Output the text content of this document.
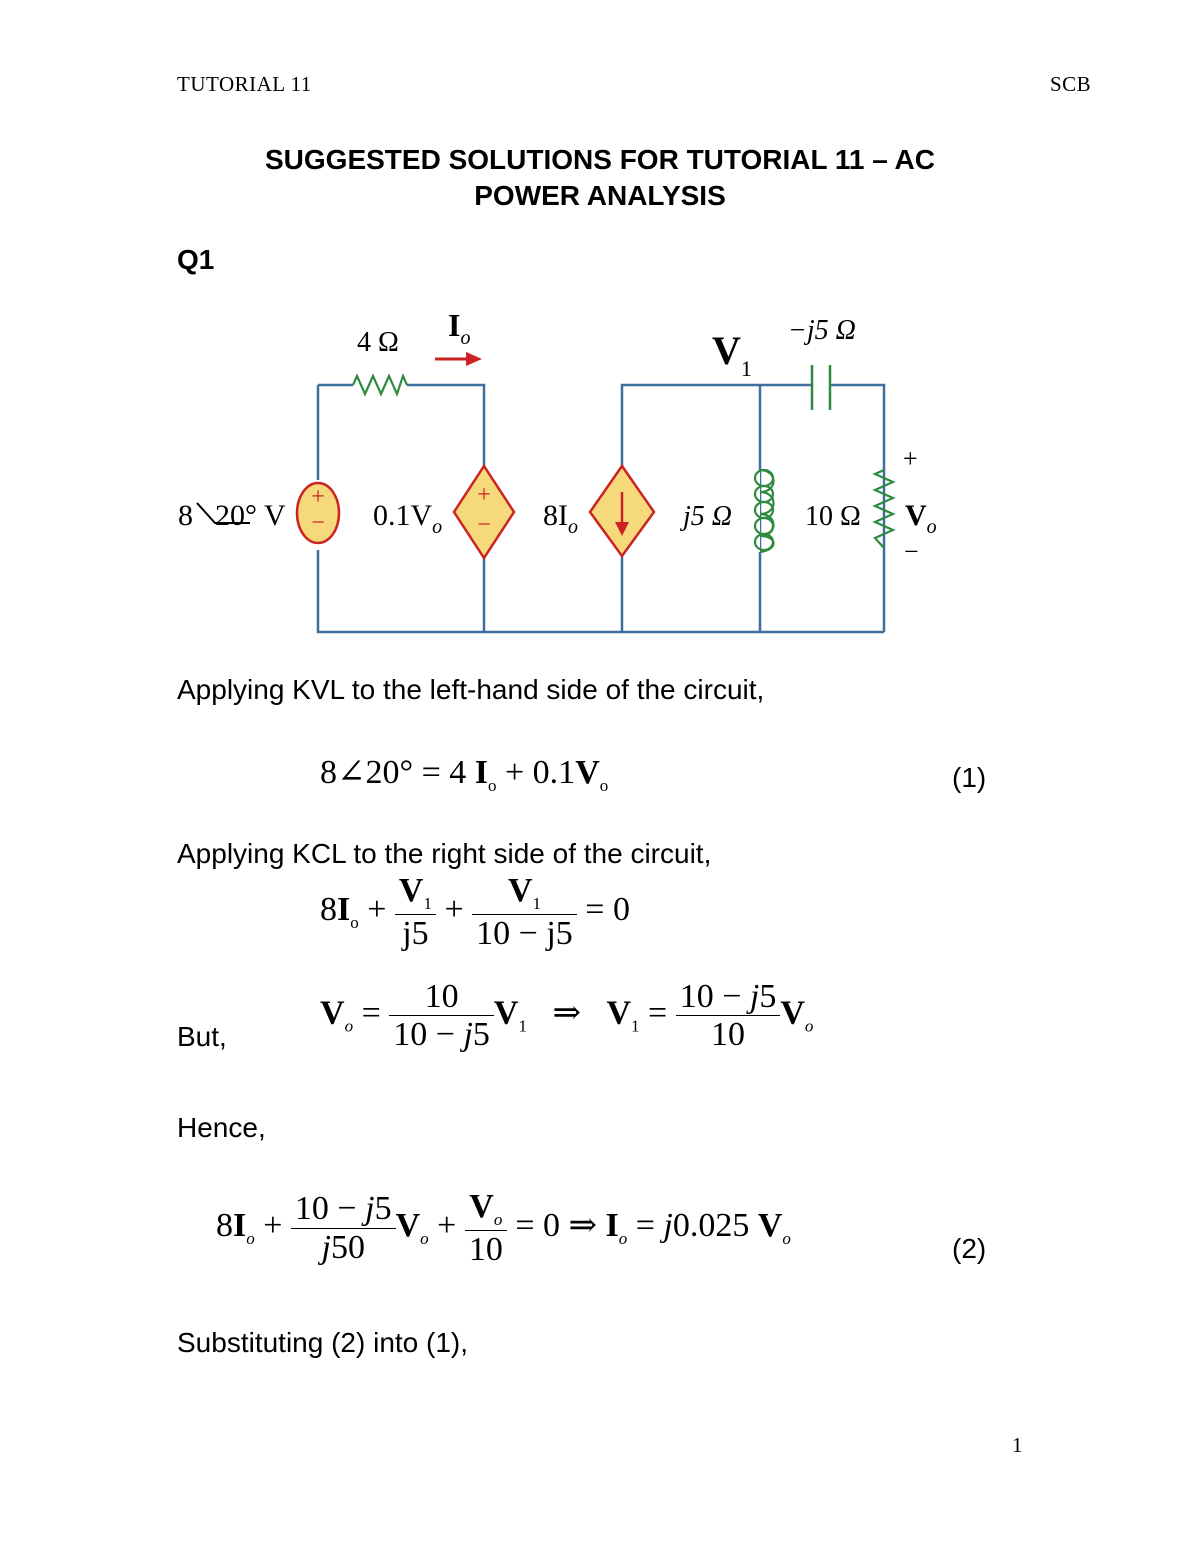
TUTORIAL 11	SCB
SUGGESTED SOLUTIONS FOR TUTORIAL 11 – AC
POWER ANALYSIS
Q1
+
−
+
−
4 Ω $I_o$	$V_1$
−j5 Ω
8 20° V	$0.1V_o$	$8I_o$	j5 Ω	10 Ω
+
$V_o$
−
Applying KVL to the left-hand side of the circuit,
8∠20° = 4 $I_o + 0.1V_o$	(1)
Applying KCL to the right side of the circuit,
$8I_o + \frac{V_1}{j5} + \frac{V_1}{10 - j5} = 0$
But,
$V_o = \frac{10}{10 - j5} V_1$   ⇒   $V_1 = \frac{10 - j5}{10} V_o$
Hence,
$8I_o + \frac{10 - j5}{j50} V_o + \frac{V_o}{10} = 0$ ⇒ $I_o = j0.025$ $V_o$	(2)
Substituting (2) into (1),
1
